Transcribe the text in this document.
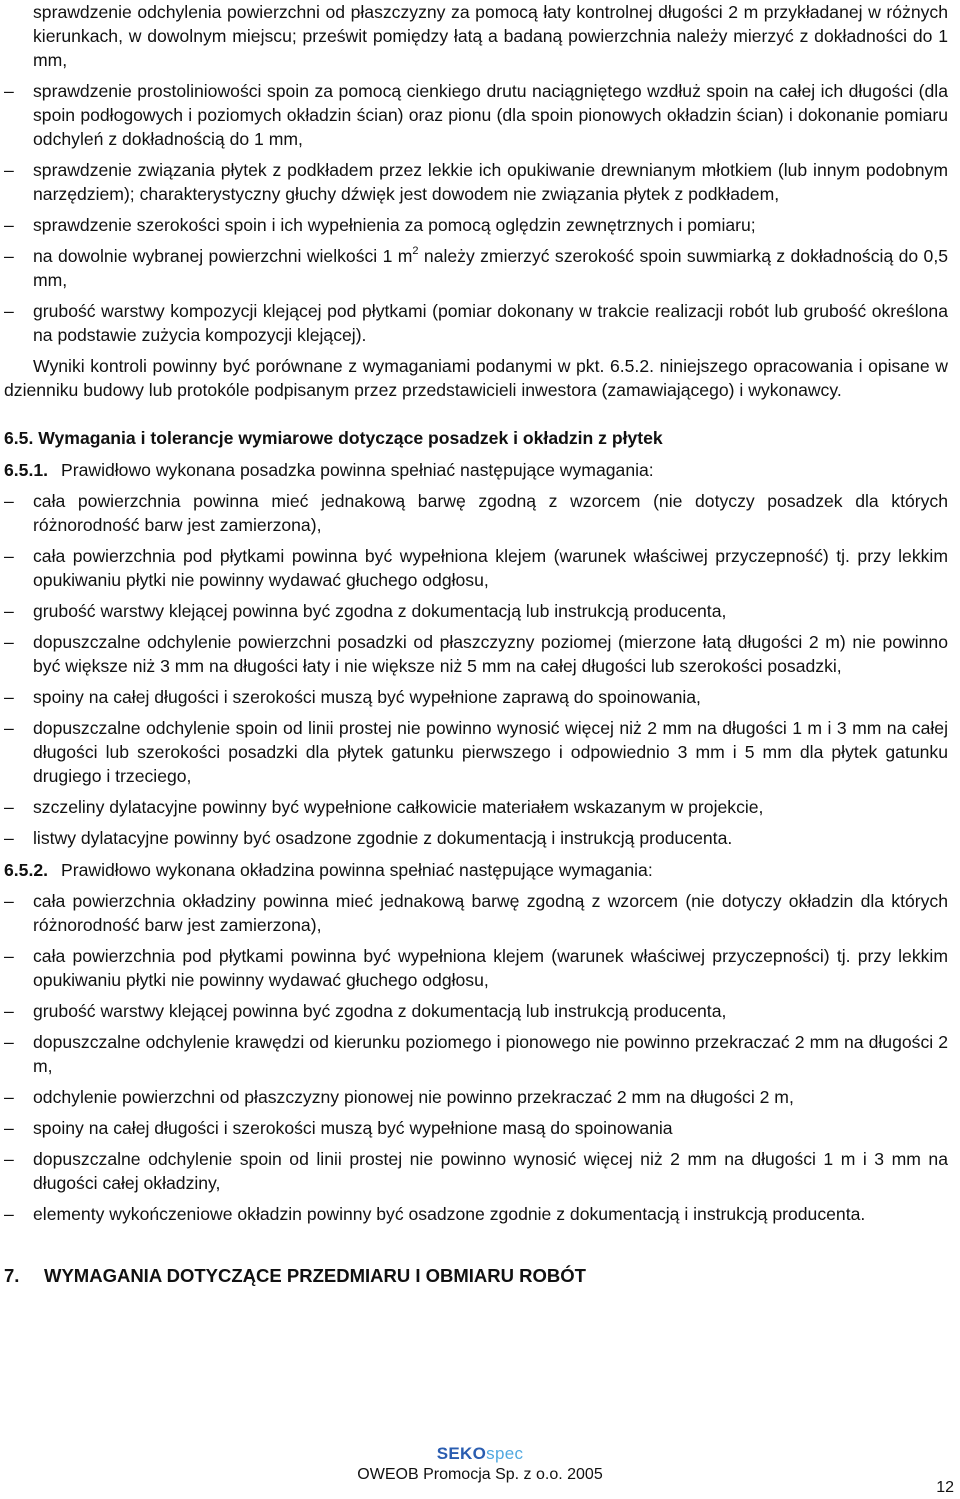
sprawdzenie odchylenia powierzchni od płaszczyzny za pomocą łaty kontrolnej długości 2 m przykładanej w różnych kierunkach, w dowolnym miejscu; prześwit pomiędzy łatą a badaną powierzchnia należy mierzyć z dokładności do 1 mm,
– sprawdzenie prostoliniowości spoin za pomocą cienkiego drutu naciągniętego wzdłuż spoin na całej ich długości (dla spoin podłogowych i poziomych okładzin ścian) oraz pionu (dla spoin pionowych okładzin ścian) i dokonanie pomiaru odchyleń z dokładnością do 1 mm,
– sprawdzenie związania płytek z podkładem przez lekkie ich opukiwanie drewnianym młotkiem (lub innym podobnym narzędziem); charakterystyczny głuchy dźwięk jest dowodem nie związania płytek z podkładem,
– sprawdzenie szerokości spoin i ich wypełnienia za pomocą oględzin zewnętrznych i pomiaru;
– na dowolnie wybranej powierzchni wielkości 1 $m^2$ należy zmierzyć szerokość spoin suwmiarką z dokładnością do 0,5 mm,
– grubość warstwy kompozycji klejącej pod płytkami (pomiar dokonany w trakcie realizacji robót lub grubość określona na podstawie zużycia kompozycji klejącej).
Wyniki kontroli powinny być porównane z wymaganiami podanymi w pkt. 6.5.2. niniejszego opracowania i opisane w dzienniku budowy lub protokóle podpisanym przez przedstawicieli inwestora (zamawiającego) i wykonawcy.
6.5. Wymagania i tolerancje wymiarowe dotyczące posadzek i okładzin z płytek
6.5.1. Prawidłowo wykonana posadzka powinna spełniać następujące wymagania:
– cała powierzchnia powinna mieć jednakową barwę zgodną z wzorcem (nie dotyczy posadzek dla których różnorodność barw jest zamierzona),
– cała powierzchnia pod płytkami powinna być wypełniona klejem (warunek właściwej przyczepność) tj. przy lekkim opukiwaniu płytki nie powinny wydawać głuchego odgłosu,
– grubość warstwy klejącej powinna być zgodna z dokumentacją lub instrukcją producenta,
– dopuszczalne odchylenie powierzchni posadzki od płaszczyzny poziomej (mierzone łatą długości 2 m) nie powinno być większe niż 3 mm na długości łaty i nie większe niż 5 mm na całej długości lub szerokości posadzki,
– spoiny na całej długości i szerokości muszą być wypełnione zaprawą do spoinowania,
– dopuszczalne odchylenie spoin od linii prostej nie powinno wynosić więcej niż 2 mm na długości 1 m i 3 mm na całej długości lub szerokości posadzki dla płytek gatunku pierwszego i odpowiednio 3 mm i 5 mm dla płytek gatunku drugiego i trzeciego,
– szczeliny dylatacyjne powinny być wypełnione całkowicie materiałem wskazanym w projekcie,
– listwy dylatacyjne powinny być osadzone zgodnie z dokumentacją i instrukcją producenta.
6.5.2. Prawidłowo wykonana okładzina powinna spełniać następujące wymagania:
– cała powierzchnia okładziny powinna mieć jednakową barwę zgodną z wzorcem (nie dotyczy okładzin dla których różnorodność barw jest zamierzona),
– cała powierzchnia pod płytkami powinna być wypełniona klejem (warunek właściwej przyczepności) tj. przy lekkim opukiwaniu płytki nie powinny wydawać głuchego odgłosu,
– grubość warstwy klejącej powinna być zgodna z dokumentacją lub instrukcją producenta,
– dopuszczalne odchylenie krawędzi od kierunku poziomego i pionowego nie powinno przekraczać 2 mm na długości 2 m,
– odchylenie powierzchni od płaszczyzny pionowej nie powinno przekraczać 2 mm na długości 2 m,
– spoiny na całej długości i szerokości muszą być wypełnione masą do spoinowania
– dopuszczalne odchylenie spoin od linii prostej nie powinno wynosić więcej niż 2 mm na długości 1 m i 3 mm na długości całej okładziny,
– elementy wykończeniowe okładzin powinny być osadzone zgodnie z dokumentacją i instrukcją producenta.
7. WYMAGANIA DOTYCZĄCE PRZEDMIARU I OBMIARU ROBÓT
SEKOspec
OWEOB Promocja Sp. z o.o. 2005
12
